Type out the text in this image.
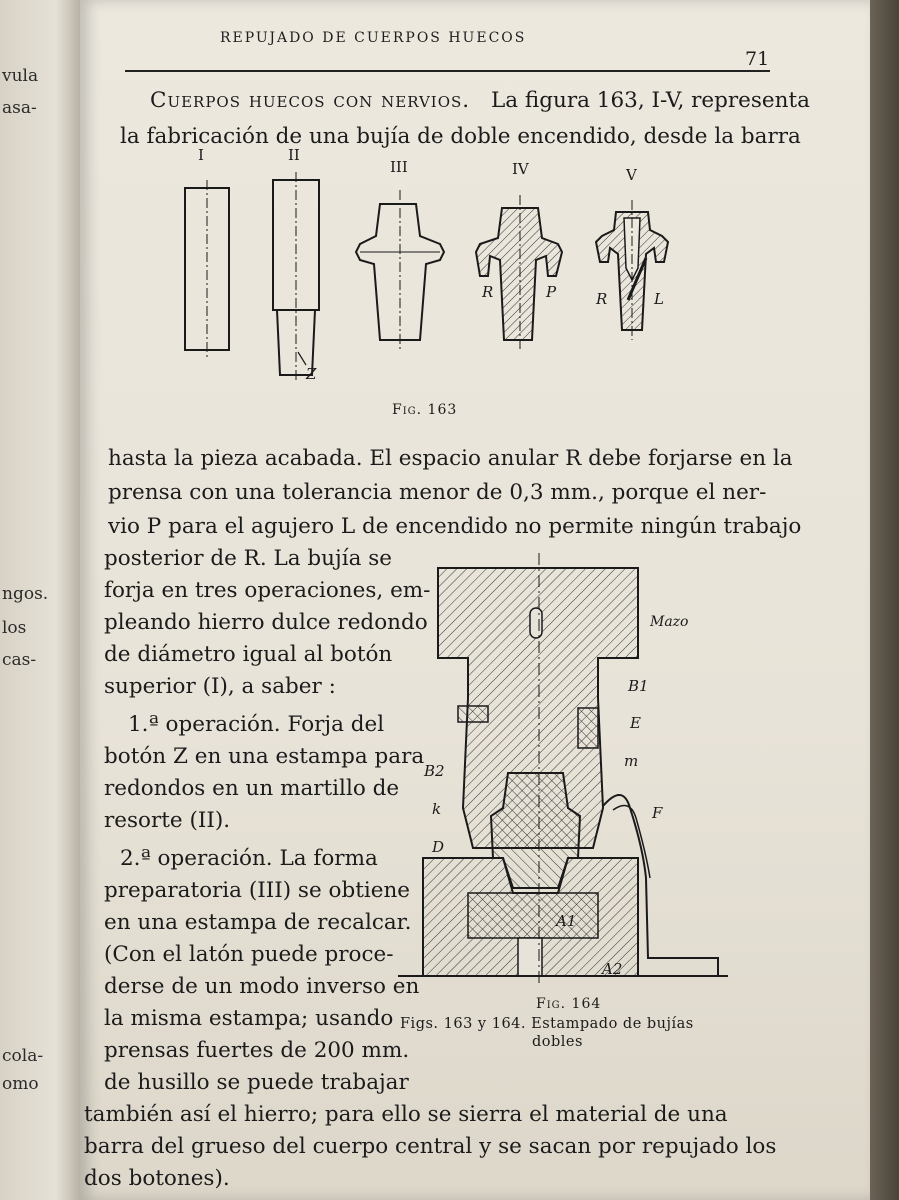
vula
asa-
ngos.
los
cas-
cola-
omo
REPUJADO DE CUERPOS HUECOS
71
Cuerpos huecos con nervios. La figura 163, I-V, representa
la fabricación de una bujía de doble encendido, desde la barra
I	II
III	IV	V
Z
R	P	R	L
Fig. 163
hasta la pieza acabada. El espacio anular R debe forjarse en la
prensa con una tolerancia menor de 0,3 mm., porque el ner-
vio P para el agujero L de encendido no permite ningún trabajo
posterior de R. La bujía se
forja en tres operaciones, em-
pleando hierro dulce redondo
de diámetro igual al botón
superior (I), a saber :
1.ª operación. Forja del
botón Z en una estampa para
redondos en un martillo de
resorte (II).
2.ª operación. La forma
preparatoria (III) se obtiene
en una estampa de recalcar.
(Con el latón puede proce-
derse de un modo inverso en
la misma estampa; usando
prensas fuertes de 200 mm.
de husillo se puede trabajar
también así el hierro; para ello se sierra el material de una
barra del grueso del cuerpo central y se sacan por repujado los
dos botones).
Mazo
B1
E
m
B2
k
D
F
A1
A2
Fig. 164
Figs. 163 y 164. Estampado de bujías
dobles
